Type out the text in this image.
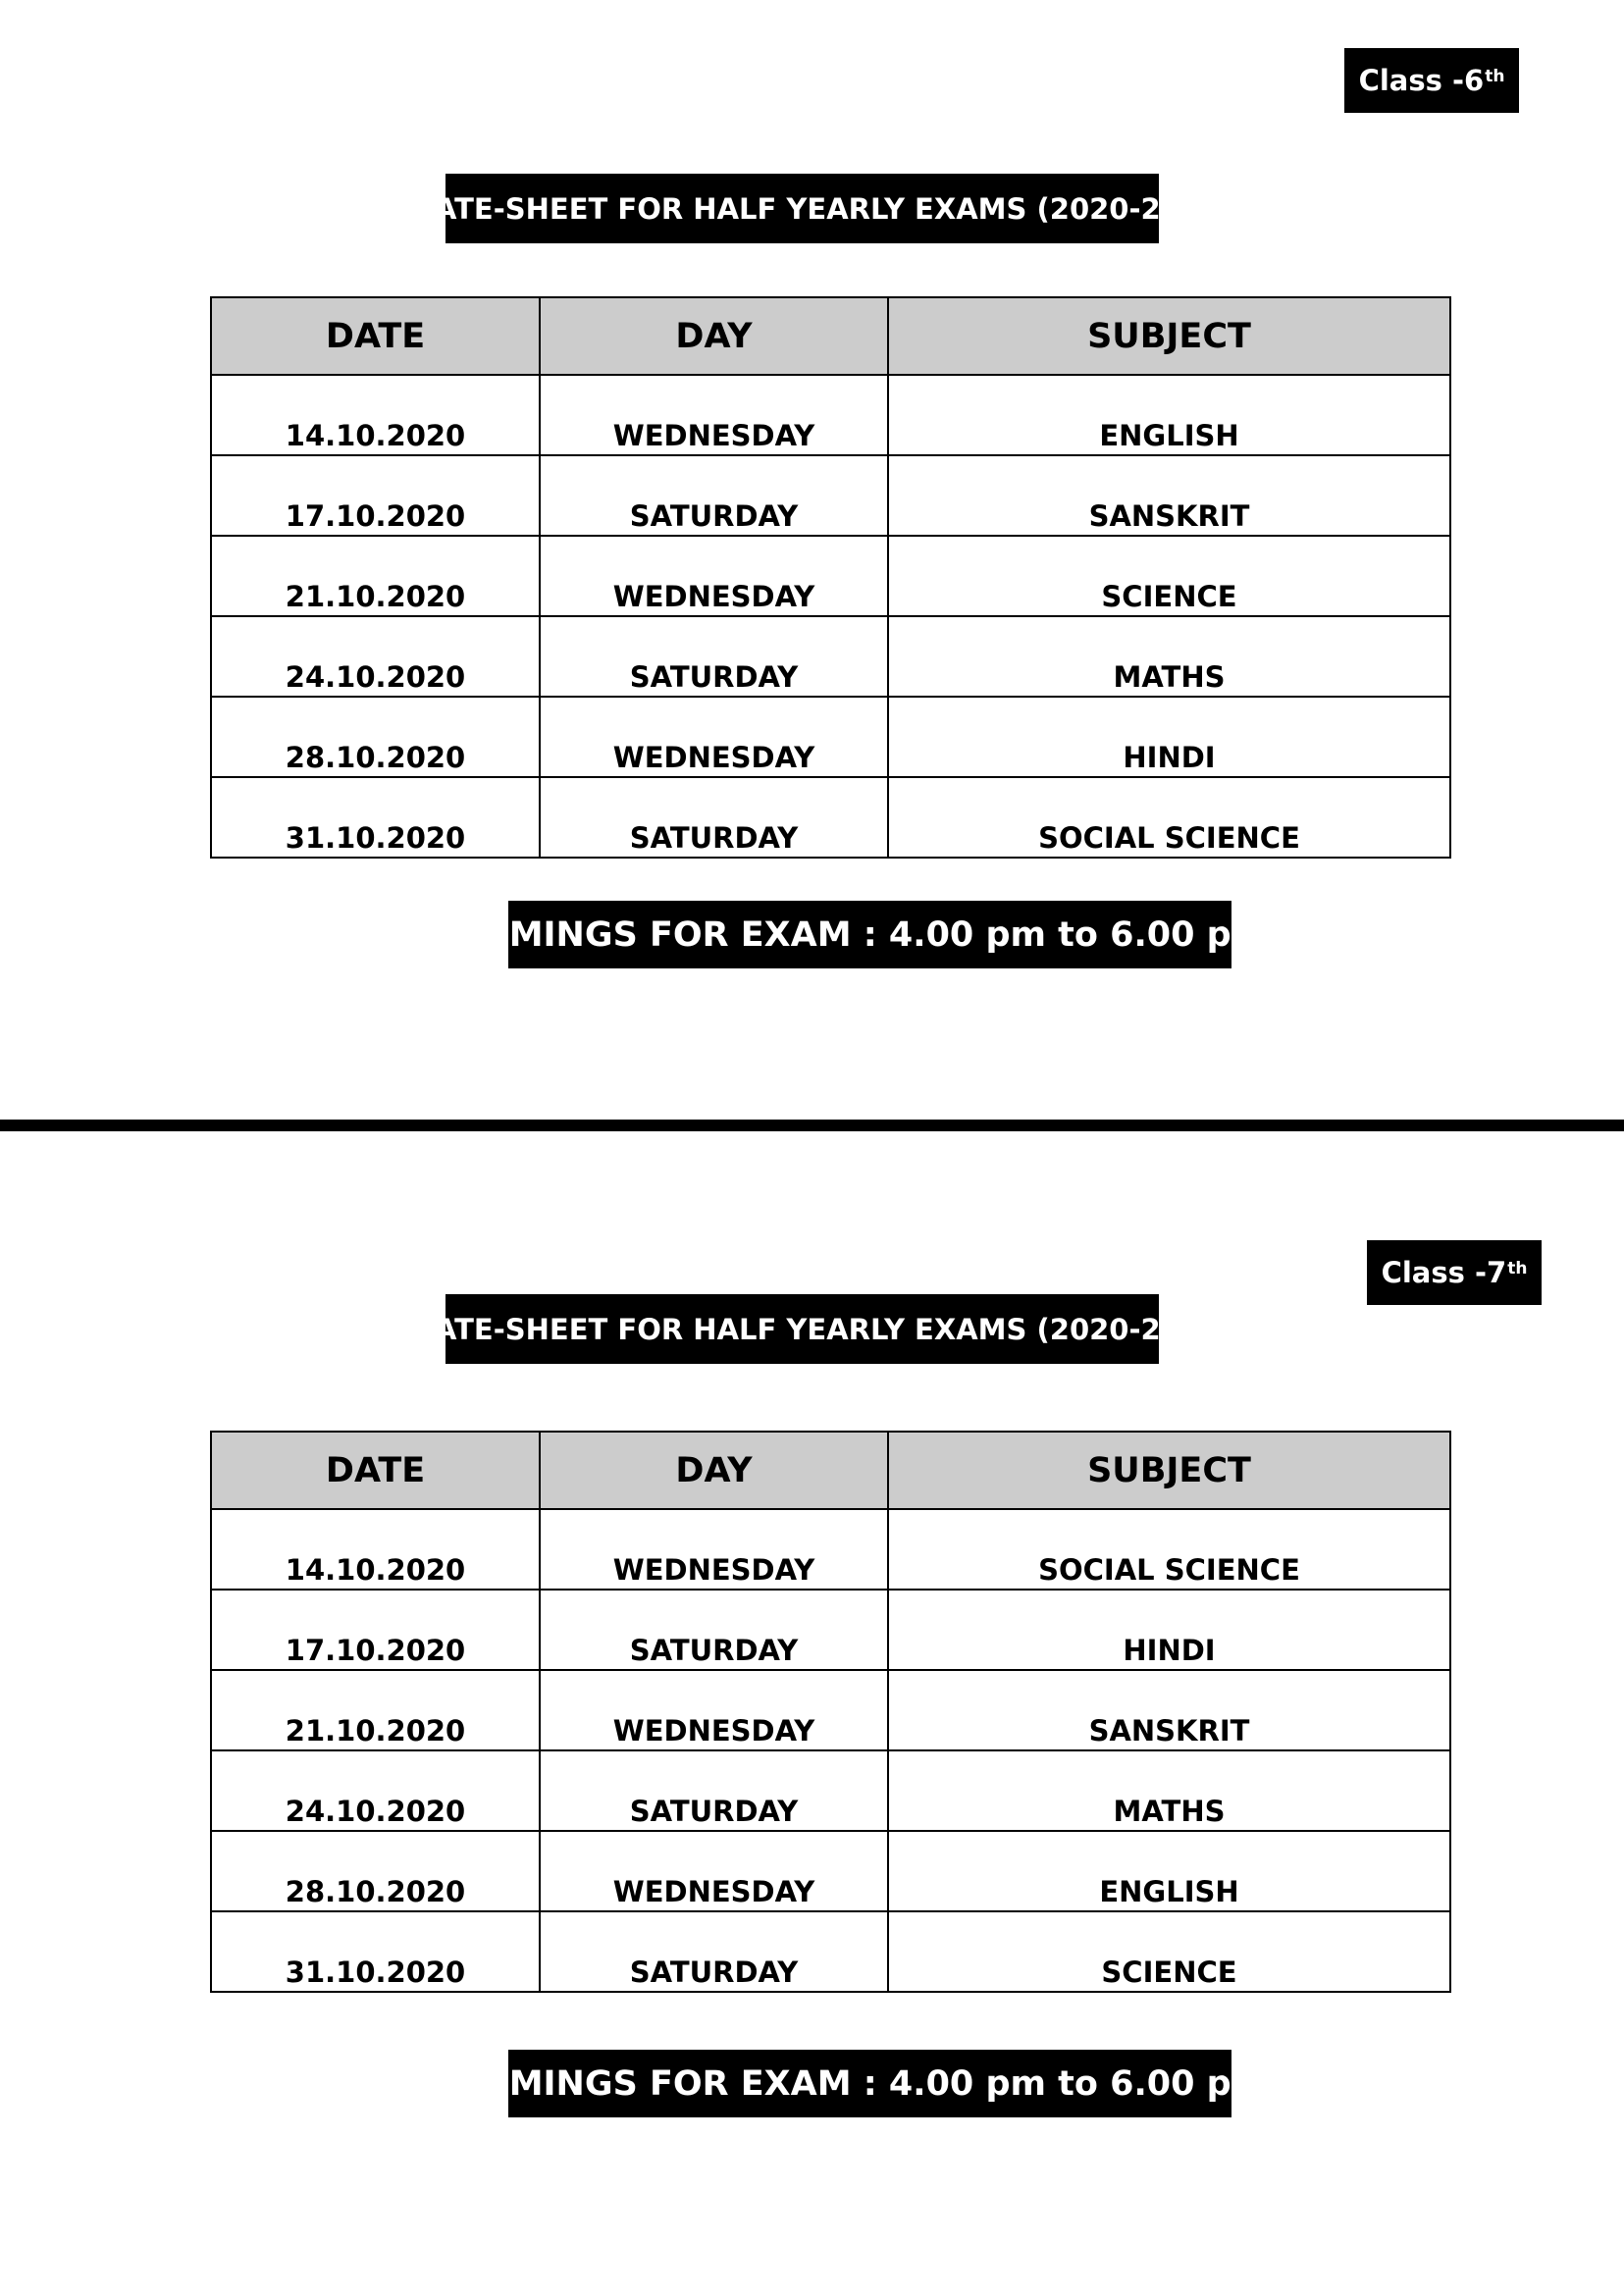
Class -6th
DATE-SHEET FOR HALF YEARLY EXAMS (2020-21)
DATE	DAY	SUBJECT
14.10.2020	WEDNESDAY	ENGLISH
17.10.2020	SATURDAY	SANSKRIT
21.10.2020	WEDNESDAY	SCIENCE
24.10.2020	SATURDAY	MATHS
28.10.2020	WEDNESDAY	HINDI
31.10.2020	SATURDAY	SOCIAL SCIENCE
TIMINGS FOR EXAM : 4.00 pm to 6.00 pm
Class -7th
DATE-SHEET FOR HALF YEARLY EXAMS (2020-21)
DATE	DAY	SUBJECT
14.10.2020	WEDNESDAY	SOCIAL SCIENCE
17.10.2020	SATURDAY	HINDI
21.10.2020	WEDNESDAY	SANSKRIT
24.10.2020	SATURDAY	MATHS
28.10.2020	WEDNESDAY	ENGLISH
31.10.2020	SATURDAY	SCIENCE
TIMINGS FOR EXAM : 4.00 pm to 6.00 pm
